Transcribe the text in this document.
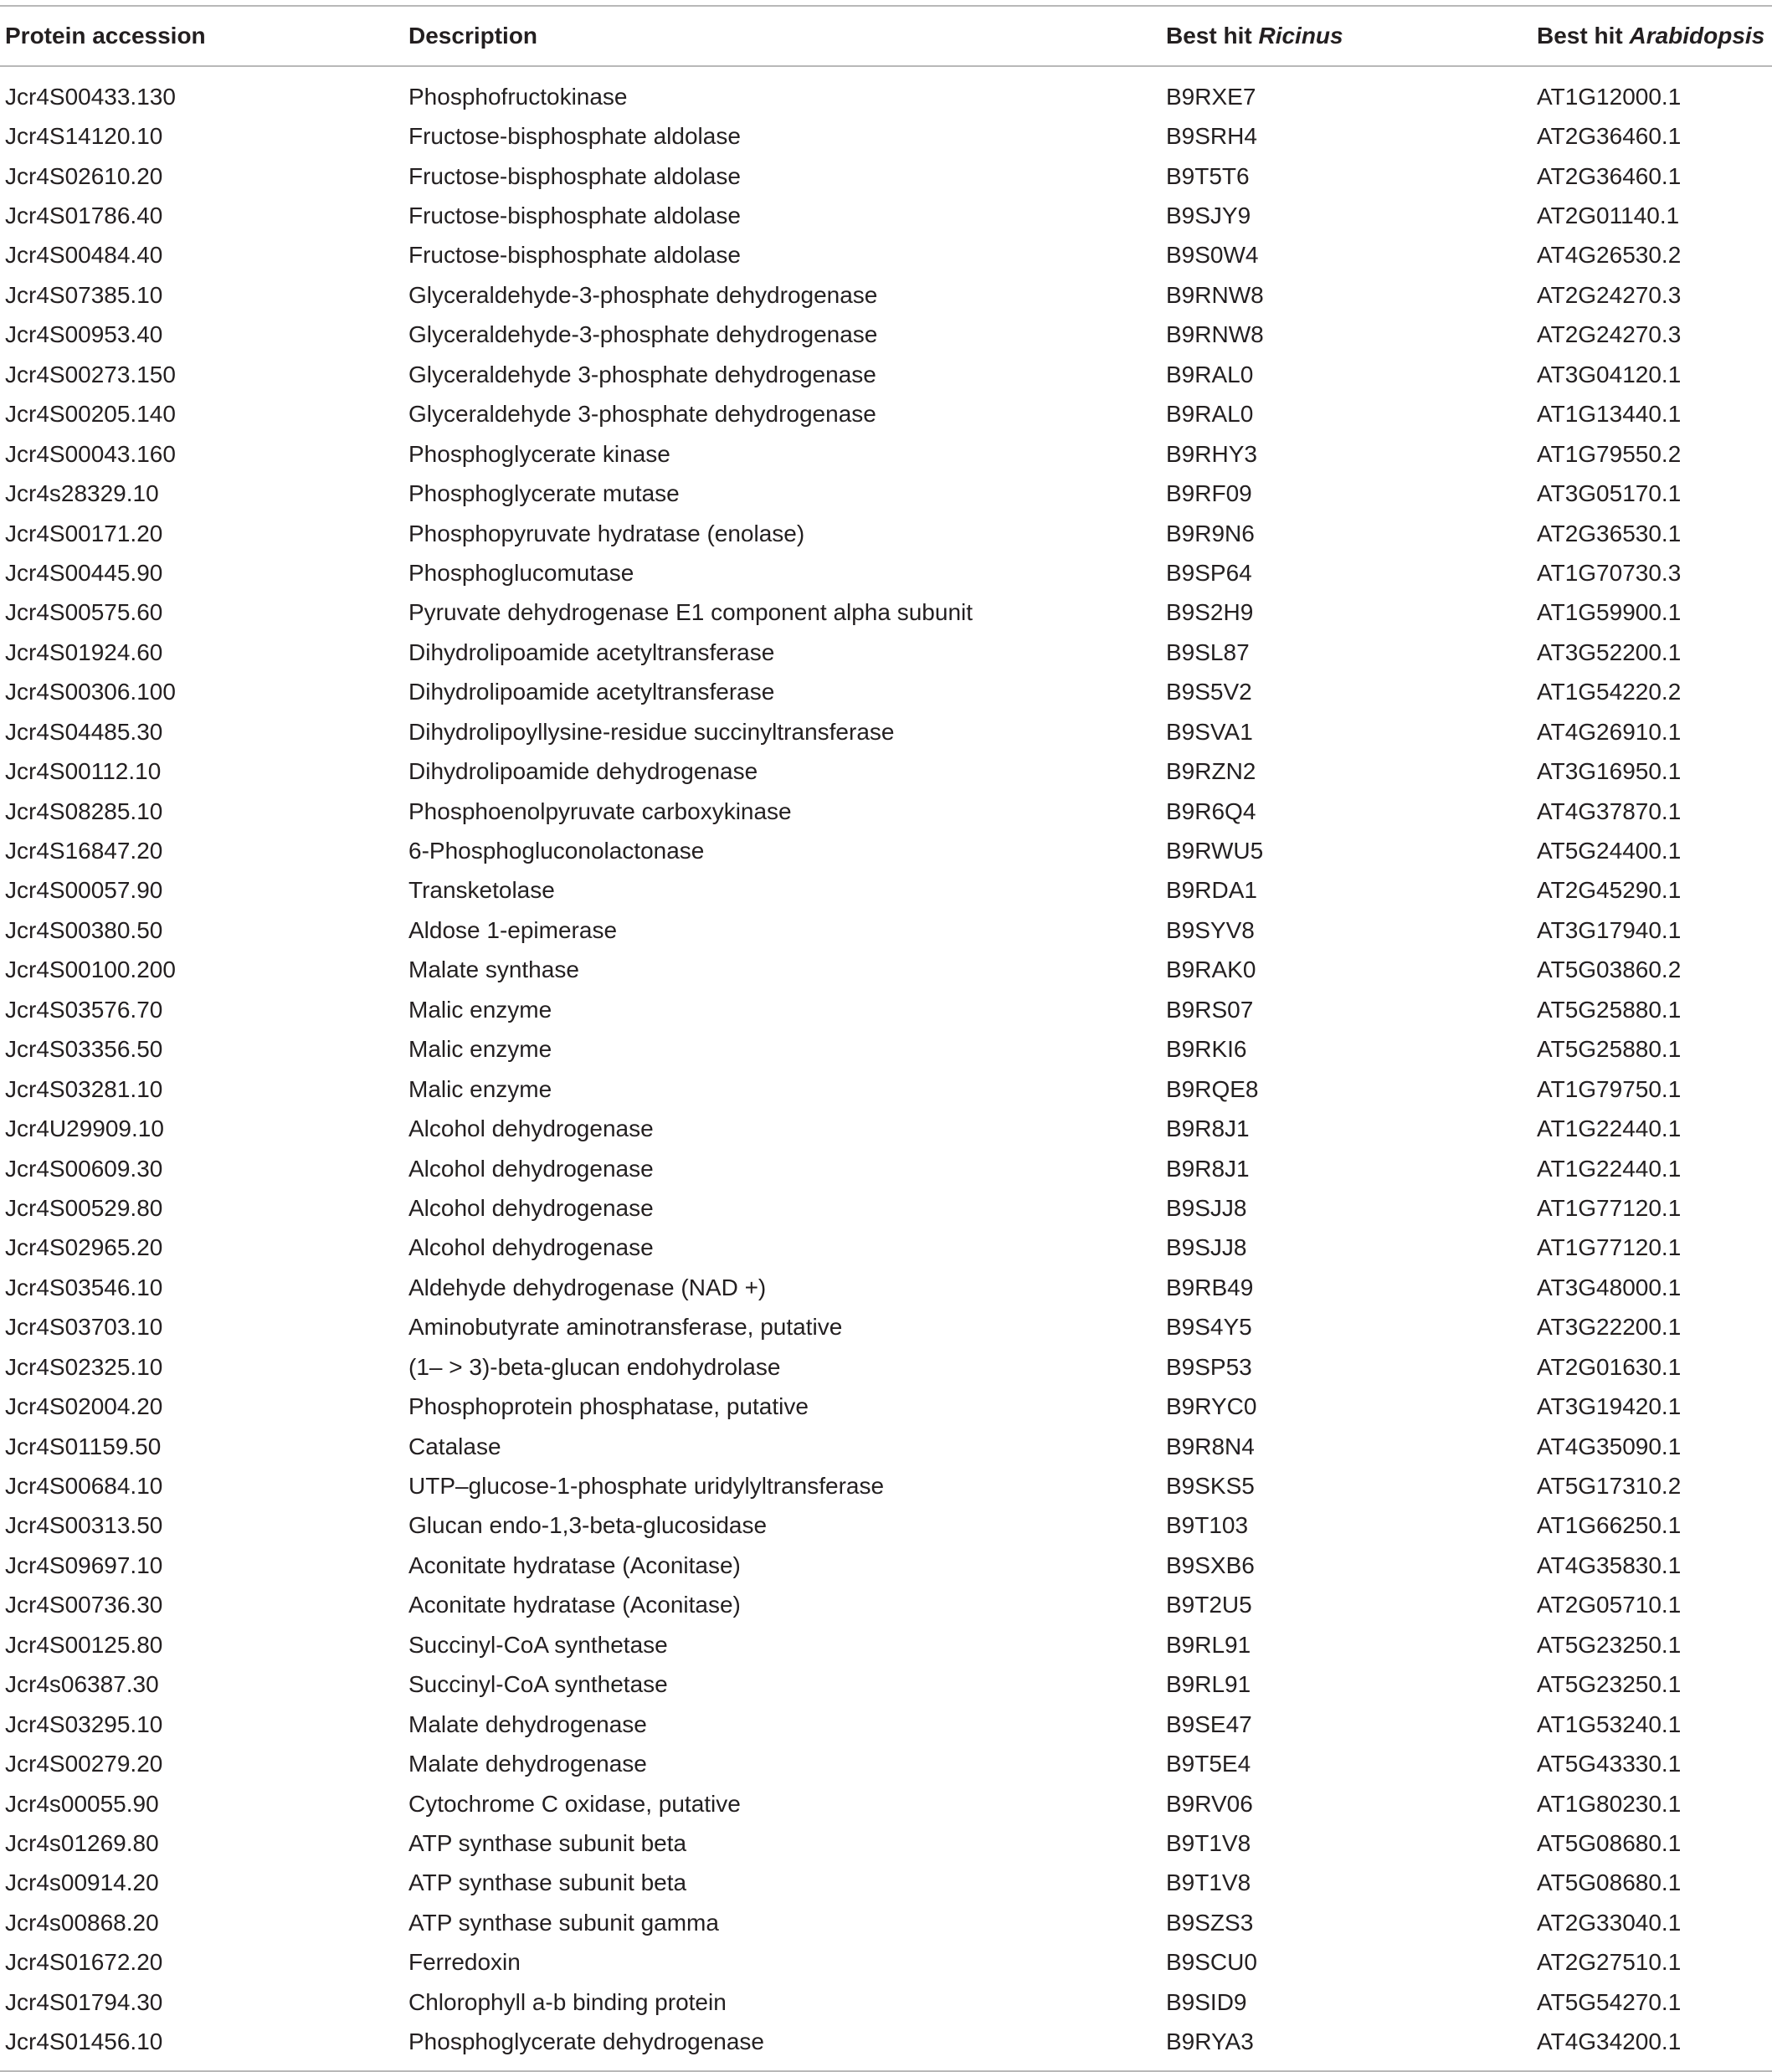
Protein accession	Description	Best hit Ricinus	Best hit Arabidopsis
Jcr4S00433.130	Phosphofructokinase	B9RXE7	AT1G12000.1
Jcr4S14120.10	Fructose-bisphosphate aldolase	B9SRH4	AT2G36460.1
Jcr4S02610.20	Fructose-bisphosphate aldolase	B9T5T6	AT2G36460.1
Jcr4S01786.40	Fructose-bisphosphate aldolase	B9SJY9	AT2G01140.1
Jcr4S00484.40	Fructose-bisphosphate aldolase	B9S0W4	AT4G26530.2
Jcr4S07385.10	Glyceraldehyde-3-phosphate dehydrogenase	B9RNW8	AT2G24270.3
Jcr4S00953.40	Glyceraldehyde-3-phosphate dehydrogenase	B9RNW8	AT2G24270.3
Jcr4S00273.150	Glyceraldehyde 3-phosphate dehydrogenase	B9RAL0	AT3G04120.1
Jcr4S00205.140	Glyceraldehyde 3-phosphate dehydrogenase	B9RAL0	AT1G13440.1
Jcr4S00043.160	Phosphoglycerate kinase	B9RHY3	AT1G79550.2
Jcr4s28329.10	Phosphoglycerate mutase	B9RF09	AT3G05170.1
Jcr4S00171.20	Phosphopyruvate hydratase (enolase)	B9R9N6	AT2G36530.1
Jcr4S00445.90	Phosphoglucomutase	B9SP64	AT1G70730.3
Jcr4S00575.60	Pyruvate dehydrogenase E1 component alpha subunit	B9S2H9	AT1G59900.1
Jcr4S01924.60	Dihydrolipoamide acetyltransferase	B9SL87	AT3G52200.1
Jcr4S00306.100	Dihydrolipoamide acetyltransferase	B9S5V2	AT1G54220.2
Jcr4S04485.30	Dihydrolipoyllysine-residue succinyltransferase	B9SVA1	AT4G26910.1
Jcr4S00112.10	Dihydrolipoamide dehydrogenase	B9RZN2	AT3G16950.1
Jcr4S08285.10	Phosphoenolpyruvate carboxykinase	B9R6Q4	AT4G37870.1
Jcr4S16847.20	6-Phosphogluconolactonase	B9RWU5	AT5G24400.1
Jcr4S00057.90	Transketolase	B9RDA1	AT2G45290.1
Jcr4S00380.50	Aldose 1-epimerase	B9SYV8	AT3G17940.1
Jcr4S00100.200	Malate synthase	B9RAK0	AT5G03860.2
Jcr4S03576.70	Malic enzyme	B9RS07	AT5G25880.1
Jcr4S03356.50	Malic enzyme	B9RKI6	AT5G25880.1
Jcr4S03281.10	Malic enzyme	B9RQE8	AT1G79750.1
Jcr4U29909.10	Alcohol dehydrogenase	B9R8J1	AT1G22440.1
Jcr4S00609.30	Alcohol dehydrogenase	B9R8J1	AT1G22440.1
Jcr4S00529.80	Alcohol dehydrogenase	B9SJJ8	AT1G77120.1
Jcr4S02965.20	Alcohol dehydrogenase	B9SJJ8	AT1G77120.1
Jcr4S03546.10	Aldehyde dehydrogenase (NAD +)	B9RB49	AT3G48000.1
Jcr4S03703.10	Aminobutyrate aminotransferase, putative	B9S4Y5	AT3G22200.1
Jcr4S02325.10	(1– > 3)-beta-glucan endohydrolase	B9SP53	AT2G01630.1
Jcr4S02004.20	Phosphoprotein phosphatase, putative	B9RYC0	AT3G19420.1
Jcr4S01159.50	Catalase	B9R8N4	AT4G35090.1
Jcr4S00684.10	UTP–glucose-1-phosphate uridylyltransferase	B9SKS5	AT5G17310.2
Jcr4S00313.50	Glucan endo-1,3-beta-glucosidase	B9T103	AT1G66250.1
Jcr4S09697.10	Aconitate hydratase (Aconitase)	B9SXB6	AT4G35830.1
Jcr4S00736.30	Aconitate hydratase (Aconitase)	B9T2U5	AT2G05710.1
Jcr4S00125.80	Succinyl-CoA synthetase	B9RL91	AT5G23250.1
Jcr4s06387.30	Succinyl-CoA synthetase	B9RL91	AT5G23250.1
Jcr4S03295.10	Malate dehydrogenase	B9SE47	AT1G53240.1
Jcr4S00279.20	Malate dehydrogenase	B9T5E4	AT5G43330.1
Jcr4s00055.90	Cytochrome C oxidase, putative	B9RV06	AT1G80230.1
Jcr4s01269.80	ATP synthase subunit beta	B9T1V8	AT5G08680.1
Jcr4s00914.20	ATP synthase subunit beta	B9T1V8	AT5G08680.1
Jcr4s00868.20	ATP synthase subunit gamma	B9SZS3	AT2G33040.1
Jcr4S01672.20	Ferredoxin	B9SCU0	AT2G27510.1
Jcr4S01794.30	Chlorophyll a-b binding protein	B9SID9	AT5G54270.1
Jcr4S01456.10	Phosphoglycerate dehydrogenase	B9RYA3	AT4G34200.1
